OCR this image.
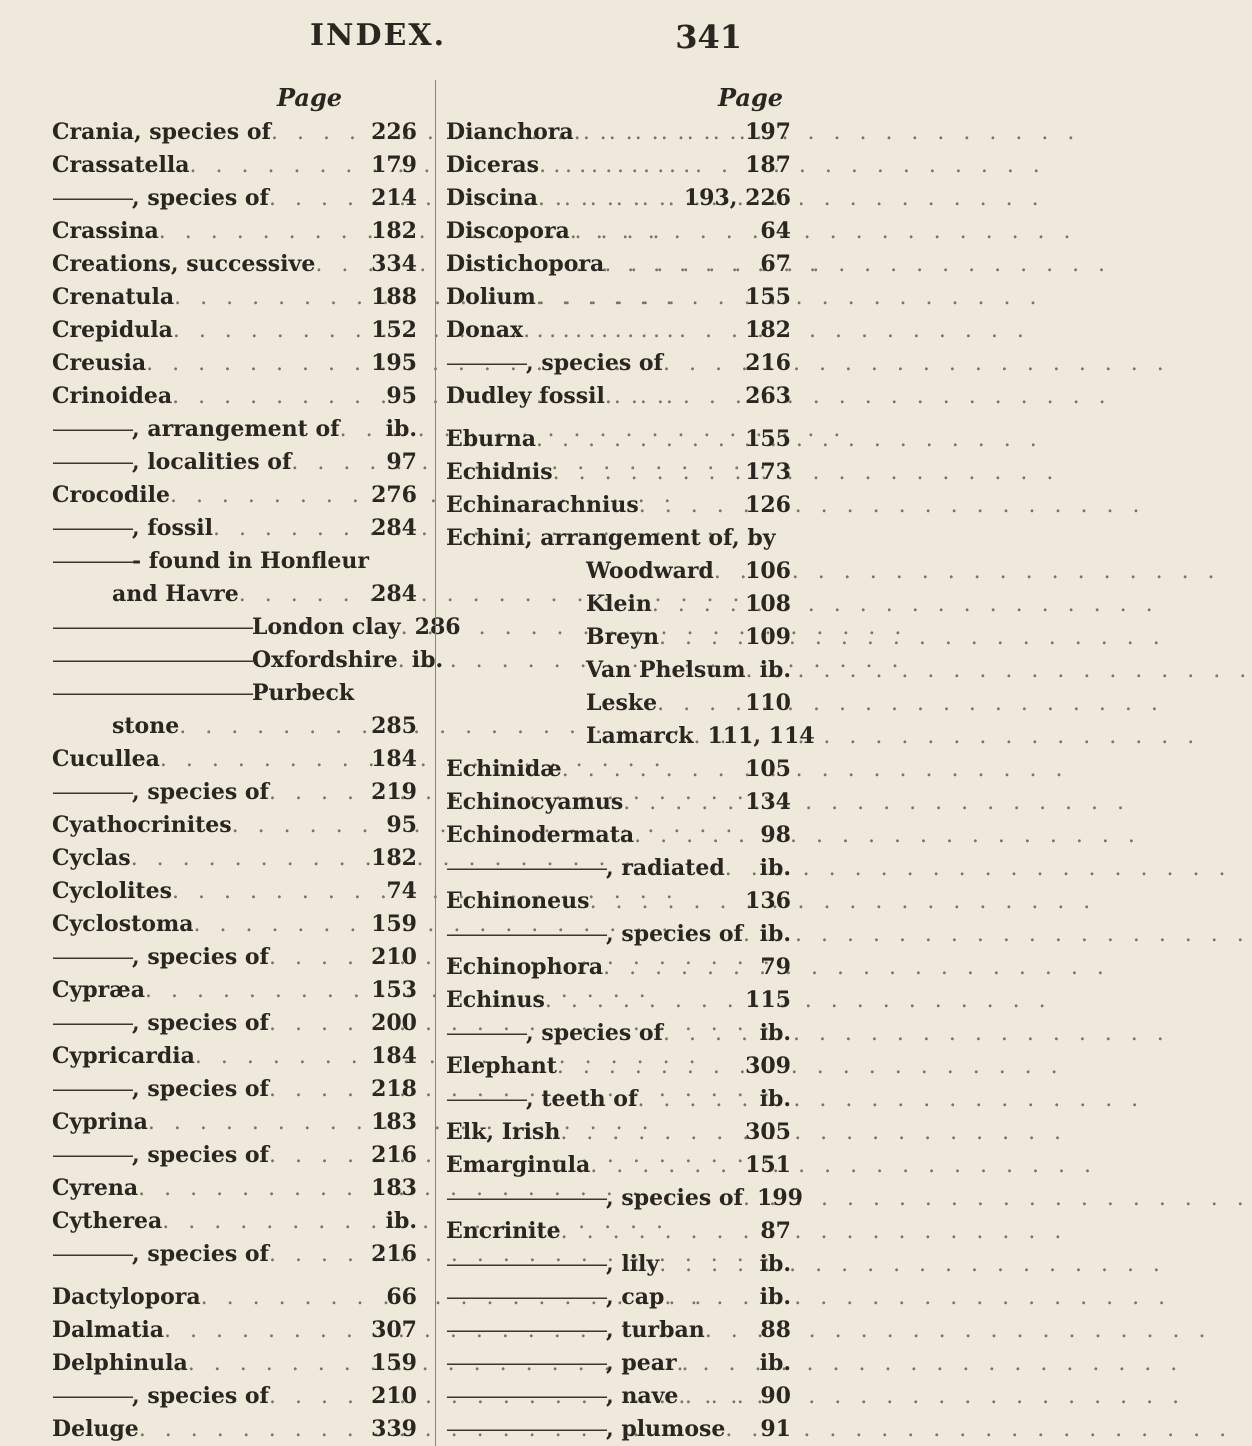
INDEX.	341
Page
Crania, species of . . .	226
Crassatella . . .	179
————, species of . . .	214
Crassina . . .	182
Creations, successive . . .	334
Crenatula . . .	188
Crepidula . . .	152
Creusia . . .	195
Crinoidea . . .	95
————, arrangement of . . . ib.
————, localities of . . .	97
Crocodile . . .	276
————, fossil . . .	284
————- found in Honfleur
and Havre . . .	284
——————————London clay . . . 286
——————————Oxfordshire . . . ib.
——————————Purbeck
stone . . .	285
Cucullea . . .	184
————, species of . . .	219
Cyathocrinites . . .	95
Cyclas . . .	182
Cyclolites . . .	74
Cyclostoma . . .	159
————, species of . . .	210
Cypræa . . .	153
————, species of . . .	200
Cypricardia . . .	184
————, species of . . .	218
Cyprina . . .	183
————, species of . . .	216
Cyrena . . .	183
Cytherea . . .	ib.
————, species of . . .	216
Dactylopora . . .	66
Dalmatia . . .	307
Delphinula . . .	159
————, species of . . .	210
Deluge . . .	339
Page
Dianchora . . .	197
Diceras . . .	187
Discina . . .	193, 226
Discopora . . .	64
Distichopora . . .	67
Dolium . . .	155
Donax . . .	182
————, species of . . .	216
Dudley fossil . . .	263
Eburna . . .	155
Echidnis . . .	173
Echinarachnius . . .	126
Echini, arrangement of, by
Woodward . . . 106
Klein . . .	108
Breyn . . .	109
Van Phelsum . . . ib.
Leske . . .	110
Lamarck . . . 111, 114
Echinidæ . . .	105
Echinocyamus . . .	134
Echinodermata . . .	98
————————, radiated . . . ib.
Echinoneus . . .	136
————————, species of . . . ib.
Echinophora . . .	79
Echinus . . .	115
————, species of . . .	ib.
Elephant . . .	309
————, teeth of . . .	ib.
Elk, Irish . . .	305
Emarginula . . .	151
————————, species of . . . 199
Encrinite . . .	87
————————, lily . . .	ib.
————————, cap . . .	ib.
————————, turban . . .	88
————————, pear . . .	ib.
————————, nave . . .	90
————————, plumose . . . 91
